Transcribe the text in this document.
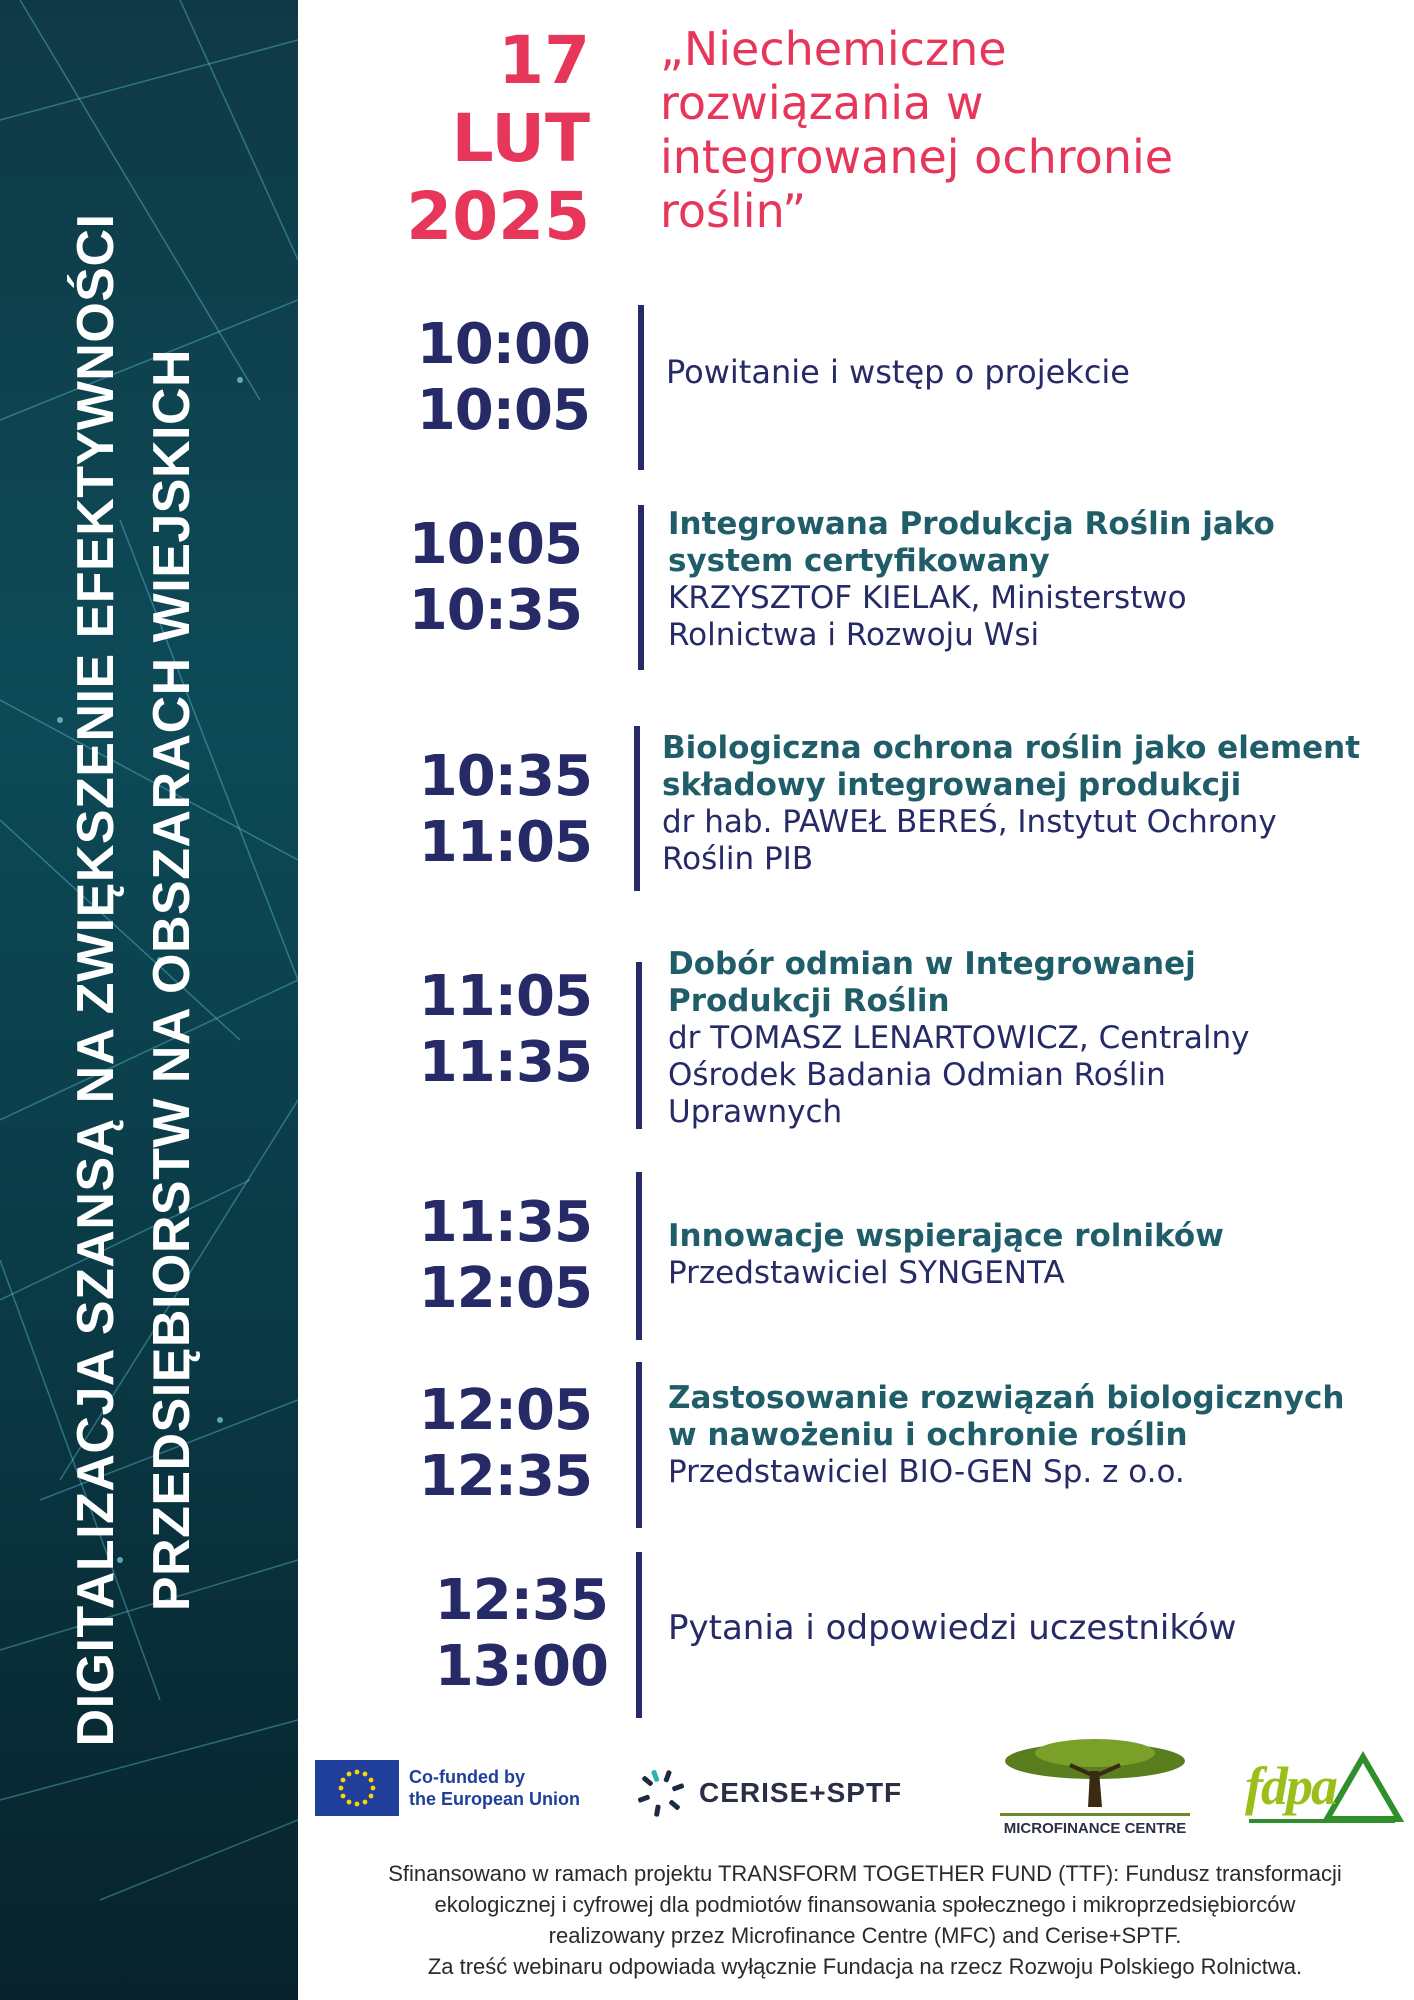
DIGITALIZACJA SZANSĄ NA ZWIĘKSZENIE EFEKTYWNOŚCI PRZEDSIĘBIORSTW NA OBSZARACH WIEJSKICH
17
LUT
2025
„Niechemiczne
rozwiązania w
integrowanej ochronie
roślin”
10:00
10:05
Powitanie i wstęp o projekcie
10:05
10:35
Integrowana Produkcja Roślin jako
system certyfikowany
KRZYSZTOF KIELAK, Ministerstwo
Rolnictwa i Rozwoju Wsi
10:35
11:05
Biologiczna ochrona roślin jako element
składowy integrowanej produkcji
dr hab. PAWEŁ BEREŚ, Instytut Ochrony
Roślin PIB
11:05
11:35
Dobór odmian w Integrowanej
Produkcji Roślin
dr TOMASZ LENARTOWICZ, Centralny
Ośrodek Badania Odmian Roślin
Uprawnych
11:35
12:05
Innowacje wspierające rolników
Przedstawiciel SYNGENTA
12:05
12:35
Zastosowanie rozwiązań biologicznych
w nawożeniu i ochronie roślin
Przedstawiciel BIO-GEN Sp. z o.o.
12:35
13:00
Pytania i odpowiedzi uczestników
Co-funded by
the European Union	CERISE+SPTF
MICROFINANCE CENTRE
fdpa
Sfinansowano w ramach projektu TRANSFORM TOGETHER FUND (TTF): Fundusz transformacji
ekologicznej i cyfrowej dla podmiotów finansowania społecznego i mikroprzedsiębiorców
realizowany przez Microfinance Centre (MFC) and Cerise+SPTF.
Za treść webinaru odpowiada wyłącznie Fundacja na rzecz Rozwoju Polskiego Rolnictwa.
